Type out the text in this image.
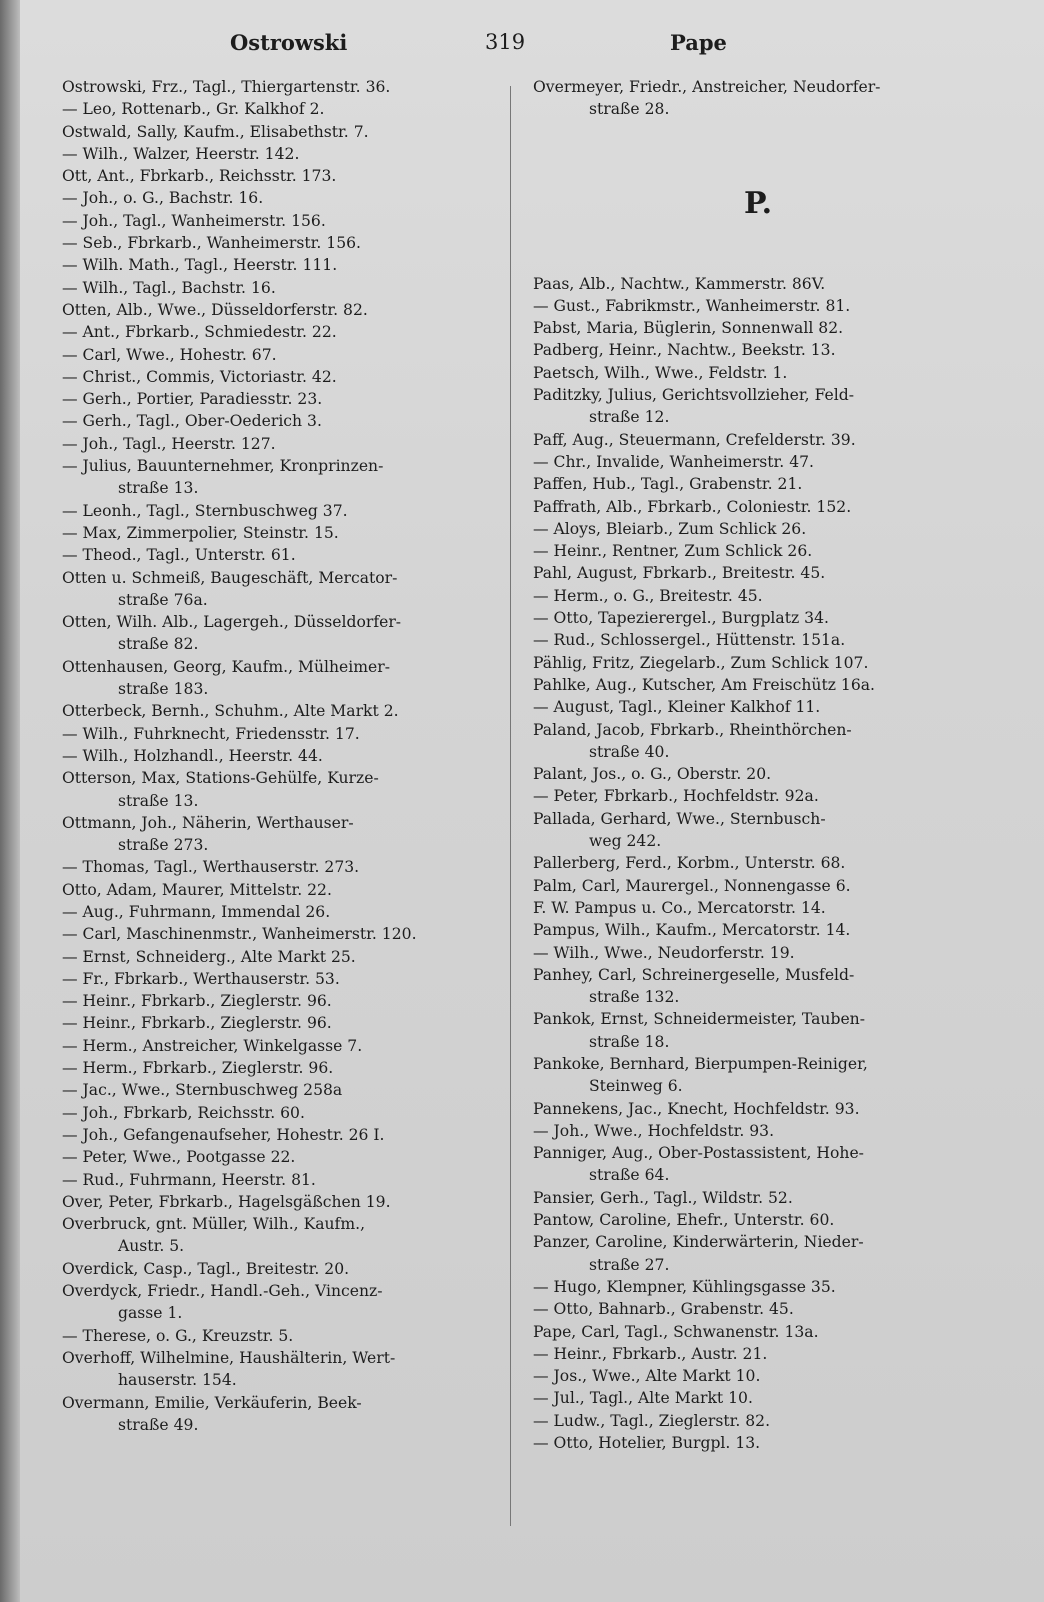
Ostrowski	319	Pape
Ostrowski, Frz., Tagl., Thiergartenstr. 36.
— Leo, Rottenarb., Gr. Kalkhof 2.
Ostwald, Sally, Kaufm., Elisabethstr. 7.
— Wilh., Walzer, Heerstr. 142.
Ott, Ant., Fbrkarb., Reichsstr. 173.
— Joh., o. G., Bachstr. 16.
— Joh., Tagl., Wanheimerstr. 156.
— Seb., Fbrkarb., Wanheimerstr. 156.
— Wilh. Math., Tagl., Heerstr. 111.
— Wilh., Tagl., Bachstr. 16.
Otten, Alb., Wwe., Düsseldorferstr. 82.
— Ant., Fbrkarb., Schmiedestr. 22.
— Carl, Wwe., Hohestr. 67.
— Christ., Commis, Victoriastr. 42.
— Gerh., Portier, Paradiesstr. 23.
— Gerh., Tagl., Ober-Oederich 3.
— Joh., Tagl., Heerstr. 127.
— Julius, Bauunternehmer, Kronprinzen-
straße 13.
— Leonh., Tagl., Sternbuschweg 37.
— Max, Zimmerpolier, Steinstr. 15.
— Theod., Tagl., Unterstr. 61.
Otten u. Schmeiß, Baugeschäft, Mercator-
straße 76a.
Otten, Wilh. Alb., Lagergeh., Düsseldorfer-
straße 82.
Ottenhausen, Georg, Kaufm., Mülheimer-
straße 183.
Otterbeck, Bernh., Schuhm., Alte Markt 2.
— Wilh., Fuhrknecht, Friedensstr. 17.
— Wilh., Holzhandl., Heerstr. 44.
Otterson, Max, Stations-Gehülfe, Kurze-
straße 13.
Ottmann, Joh., Näherin, Werthauser-
straße 273.
— Thomas, Tagl., Werthauserstr. 273.
Otto, Adam, Maurer, Mittelstr. 22.
— Aug., Fuhrmann, Immendal 26.
— Carl, Maschinenmstr., Wanheimerstr. 120.
— Ernst, Schneiderg., Alte Markt 25.
— Fr., Fbrkarb., Werthauserstr. 53.
— Heinr., Fbrkarb., Zieglerstr. 96.
— Heinr., Fbrkarb., Zieglerstr. 96.
— Herm., Anstreicher, Winkelgasse 7.
— Herm., Fbrkarb., Zieglerstr. 96.
— Jac., Wwe., Sternbuschweg 258a
— Joh., Fbrkarb, Reichsstr. 60.
— Joh., Gefangenaufseher, Hohestr. 26 I.
— Peter, Wwe., Pootgasse 22.
— Rud., Fuhrmann, Heerstr. 81.
Over, Peter, Fbrkarb., Hagelsgäßchen 19.
Overbruck, gnt. Müller, Wilh., Kaufm.,
Austr. 5.
Overdick, Casp., Tagl., Breitestr. 20.
Overdyck, Friedr., Handl.-Geh., Vincenz-
gasse 1.
— Therese, o. G., Kreuzstr. 5.
Overhoff, Wilhelmine, Haushälterin, Wert-
hauserstr. 154.
Overmann, Emilie, Verkäuferin, Beek-
straße 49.
Overmeyer, Friedr., Anstreicher, Neudorfer-
straße 28.
Paas, Alb., Nachtw., Kammerstr. 86V.
— Gust., Fabrikmstr., Wanheimerstr. 81.
Pabst, Maria, Büglerin, Sonnenwall 82.
Padberg, Heinr., Nachtw., Beekstr. 13.
Paetsch, Wilh., Wwe., Feldstr. 1.
Paditzky, Julius, Gerichtsvollzieher, Feld-
straße 12.
Paff, Aug., Steuermann, Crefelderstr. 39.
— Chr., Invalide, Wanheimerstr. 47.
Paffen, Hub., Tagl., Grabenstr. 21.
Paffrath, Alb., Fbrkarb., Coloniestr. 152.
— Aloys, Bleiarb., Zum Schlick 26.
— Heinr., Rentner, Zum Schlick 26.
Pahl, August, Fbrkarb., Breitestr. 45.
— Herm., o. G., Breitestr. 45.
— Otto, Tapezierergel., Burgplatz 34.
— Rud., Schlossergel., Hüttenstr. 151a.
Pählig, Fritz, Ziegelarb., Zum Schlick 107.
Pahlke, Aug., Kutscher, Am Freischütz 16a.
— August, Tagl., Kleiner Kalkhof 11.
Paland, Jacob, Fbrkarb., Rheinthörchen-
straße 40.
Palant, Jos., o. G., Oberstr. 20.
— Peter, Fbrkarb., Hochfeldstr. 92a.
Pallada, Gerhard, Wwe., Sternbusch-
weg 242.
Pallerberg, Ferd., Korbm., Unterstr. 68.
Palm, Carl, Maurergel., Nonnengasse 6.
F. W. Pampus u. Co., Mercatorstr. 14.
Pampus, Wilh., Kaufm., Mercatorstr. 14.
— Wilh., Wwe., Neudorferstr. 19.
Panhey, Carl, Schreinergeselle, Musfeld-
straße 132.
Pankok, Ernst, Schneidermeister, Tauben-
straße 18.
Pankoke, Bernhard, Bierpumpen-Reiniger,
Steinweg 6.
Pannekens, Jac., Knecht, Hochfeldstr. 93.
— Joh., Wwe., Hochfeldstr. 93.
Panniger, Aug., Ober-Postassistent, Hohe-
straße 64.
Pansier, Gerh., Tagl., Wildstr. 52.
Pantow, Caroline, Ehefr., Unterstr. 60.
Panzer, Caroline, Kinderwärterin, Nieder-
straße 27.
— Hugo, Klempner, Kühlingsgasse 35.
— Otto, Bahnarb., Grabenstr. 45.
Pape, Carl, Tagl., Schwanenstr. 13a.
— Heinr., Fbrkarb., Austr. 21.
— Jos., Wwe., Alte Markt 10.
— Jul., Tagl., Alte Markt 10.
— Ludw., Tagl., Zieglerstr. 82.
— Otto, Hotelier, Burgpl. 13.
P.
